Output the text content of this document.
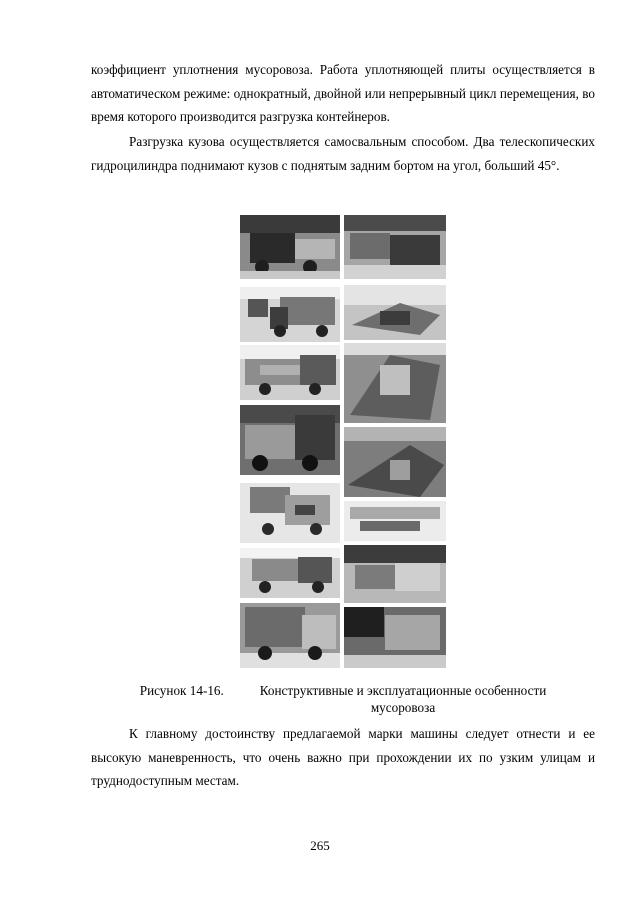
коэффициент уплотнения мусоровоза. Работа уплотняющей плиты осуществляется в автоматическом режиме: однократный, двойной или непрерывный цикл перемещения, во время которого производится разгрузка контейнеров.

Разгрузка кузова осуществляется самосвальным способом. Два телескопических гидроцилиндра поднимают кузов с поднятым задним бортом на угол, больший 45°.

Рисунок 14-16.	Конструктивные и эксплуатационные особенности
мусоровоза

К главному достоинству предлагаемой марки машины следует отнести и ее высокую маневренность, что очень важно при прохождении их по узким улицам и труднодоступным местам.

265
